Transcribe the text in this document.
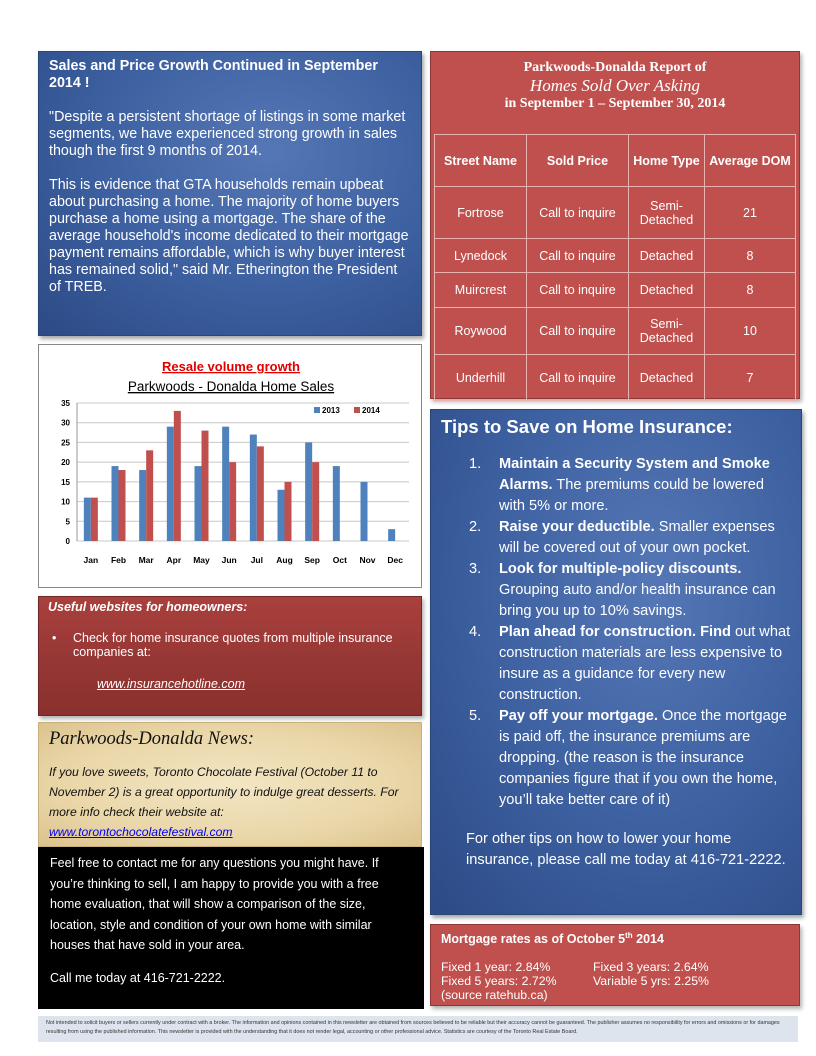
Sales and Price Growth Continued in September 2014 !

"Despite a persistent shortage of listings in some market segments, we have experienced strong growth in sales though the first 9 months of 2014.

This is evidence that GTA households remain upbeat about purchasing a home. The majority of home buyers purchase a home using a mortgage. The share of the average household's income dedicated to their mortgage payment remains affordable, which is why buyer interest has remained solid," said Mr. Etherington the President of TREB.

Parkwoods-Donalda Report of
Homes Sold Over Asking
in September 1 – September 30, 2014
Street Name	Sold Price	Home Type	Average DOM
Fortrose	Call to inquire	Semi-Detached	21
Lynedock	Call to inquire	Detached	8
Muircrest	Call to inquire	Detached	8
Roywood	Call to inquire	Semi-Detached	10
Underhill	Call to inquire	Detached	7
Resale volume growth
Parkwoods - Donalda Home Sales
0
5
10
15
20
25
30
35
Jan Feb Mar Apr May Jun Jul Aug Sep Oct Nov Dec
2013	2014
Useful websites for homeowners:
• Check for home insurance quotes from multiple insurance companies at:
www.insurancehotline.com
Parkwoods-Donalda News:
If you love sweets, Toronto Chocolate Festival (October 11 to November 2) is a great opportunity to indulge great desserts. For more info check their website at:
www.torontochocolatefestival.com

Feel free to contact me for any questions you might have. If you’re thinking to sell, I am happy to provide you with a free home evaluation, that will show a comparison of the size, location, style and condition of your own home with similar houses that have sold in your area.

Call me today at 416-721-2222.

Tips to Save on Home Insurance:
1. Maintain a Security System and Smoke Alarms. The premiums could be lowered with 5% or more.
2. Raise your deductible. Smaller expenses will be covered out of your own pocket.
3. Look for multiple-policy discounts. Grouping auto and/or health insurance can bring you up to 10% savings.
4. Plan ahead for construction. Find out what construction materials are less expensive to insure as a guidance for every new construction.
5. Pay off your mortgage. Once the mortgage is paid off, the insurance premiums are dropping. (the reason is the insurance companies figure that if you own the home, you’ll take better care of it)
For other tips on how to lower your home insurance, please call me today at 416-721-2222.
Mortgage rates as of October 5th 2014
Fixed 1 year: 2.84%	Fixed 3 years: 2.64%
Fixed 5 years: 2.72%	Variable 5 yrs: 2.25%
(source ratehub.ca)
Not intended to solicit buyers or sellers currently under contract with a broker. The information and opinions contained in this newsletter are obtained from sources believed to be reliable but their accuracy cannot be guaranteed. The publisher assumes no responsibility for errors and omissions or for damages resulting from using the published information. This newsletter is provided with the understanding that it does not render legal, accounting or other professional advice. Statistics are courtesy of the Toronto Real Estate Board.
